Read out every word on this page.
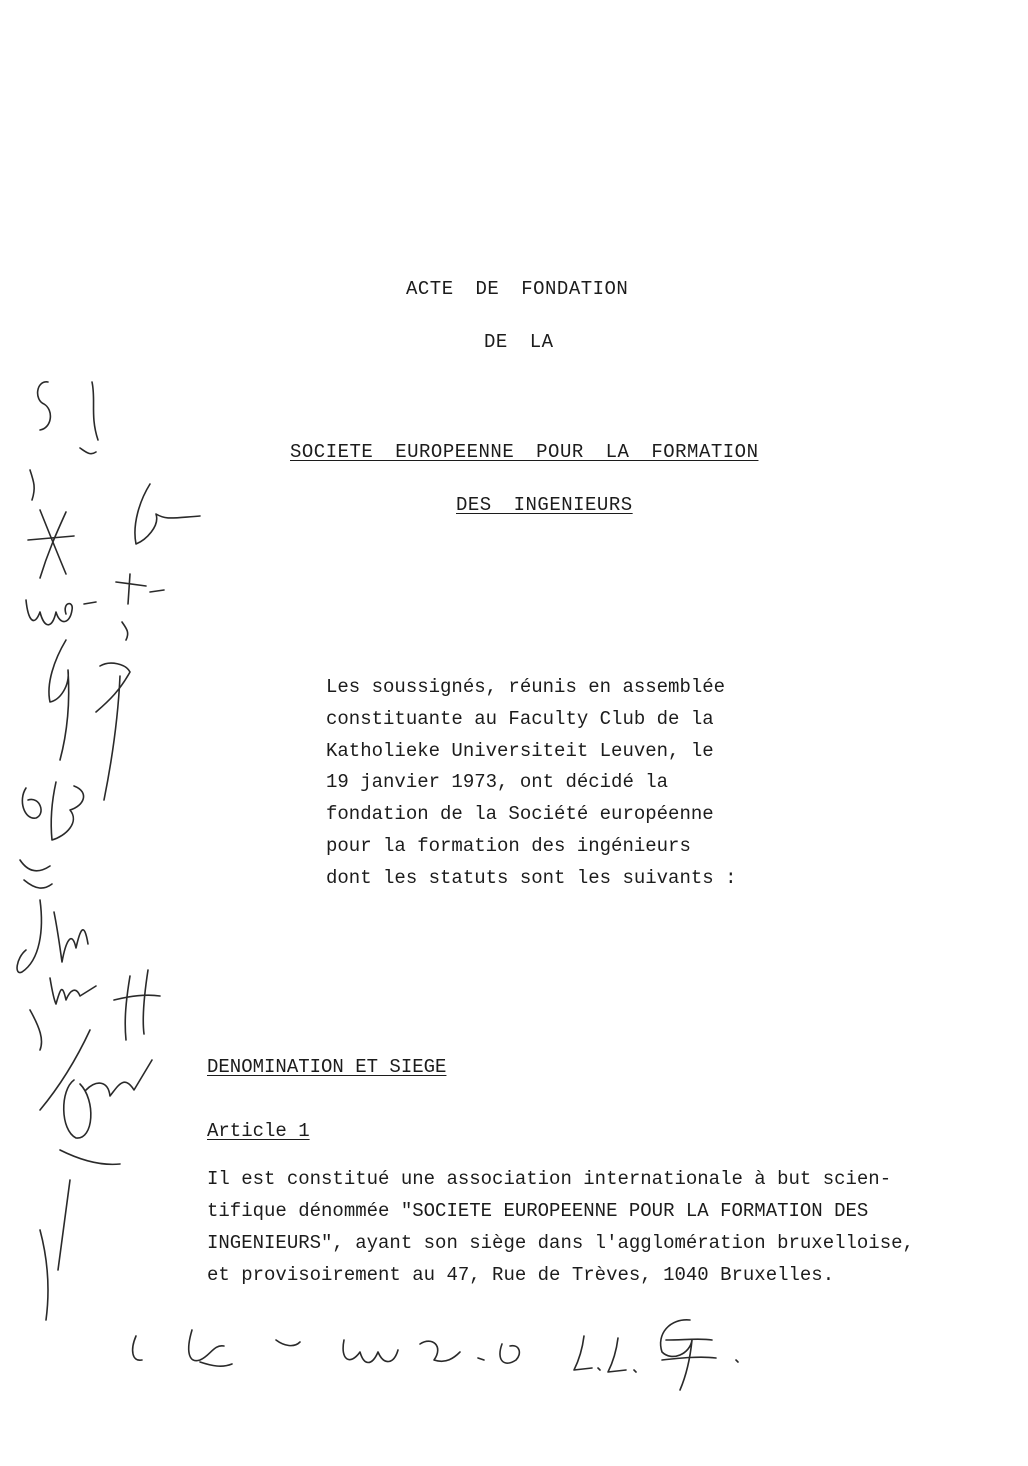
ACTE DE FONDATION
DE LA
SOCIETE EUROPEENNE POUR LA FORMATION
DES INGENIEURS
Les soussignés, réunis en assemblée
constituante au Faculty Club de la
Katholieke Universiteit Leuven, le
19 janvier 1973, ont décidé la
fondation de la Société européenne
pour la formation des ingénieurs
dont les statuts sont les suivants :
DENOMINATION ET SIEGE
Article 1
Il est constitué une association internationale à but scien-
tifique dénommée "SOCIETE EUROPEENNE POUR LA FORMATION DES
INGENIEURS", ayant son siège dans l'agglomération bruxelloise,
et provisoirement au 47, Rue de Trèves, 1040 Bruxelles.
